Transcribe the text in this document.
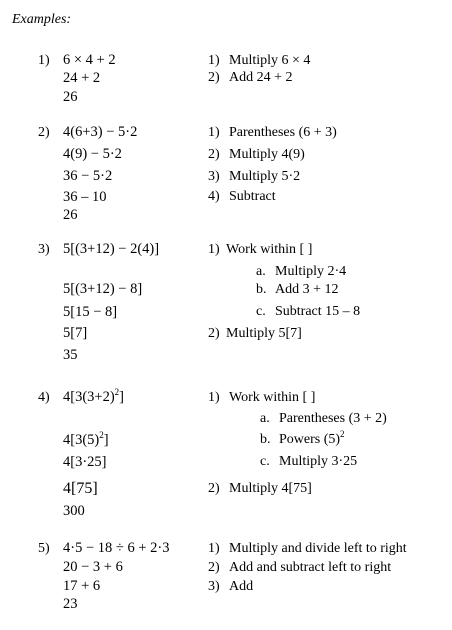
Examples:
1) 6 × 4 + 2
24 + 2
26
1) Multiply 6 × 4
2) Add 24 + 2
2) 4(6+3) − 5·2
4(9) − 5·2
36 − 5·2
36 – 10
26
1) Parentheses (6 + 3)
2) Multiply 4(9)
3) Multiply 5·2
4) Subtract
3) 5[(3+12) − 2(4)]
5[(3+12) − 8]
5[15 − 8]
5[7]
35
1) Work within [ ]
a. Multiply 2·4
b. Add 3 + 12
c. Subtract 15 – 8
2) Multiply 5[7]
4) $4[3(3+2)^2]$
$4[3(5)^2]$
4[3·25]
4[75]
300
1) Work within [ ]
a. Parentheses (3 + 2)
b. Powers $(5)^2$
c. Multiply 3·25
2) Multiply 4[75]
5) 4·5 − 18 ÷ 6 + 2·3
20 − 3 + 6
17 + 6
23
1) Multiply and divide left to right
2) Add and subtract left to right
3) Add
